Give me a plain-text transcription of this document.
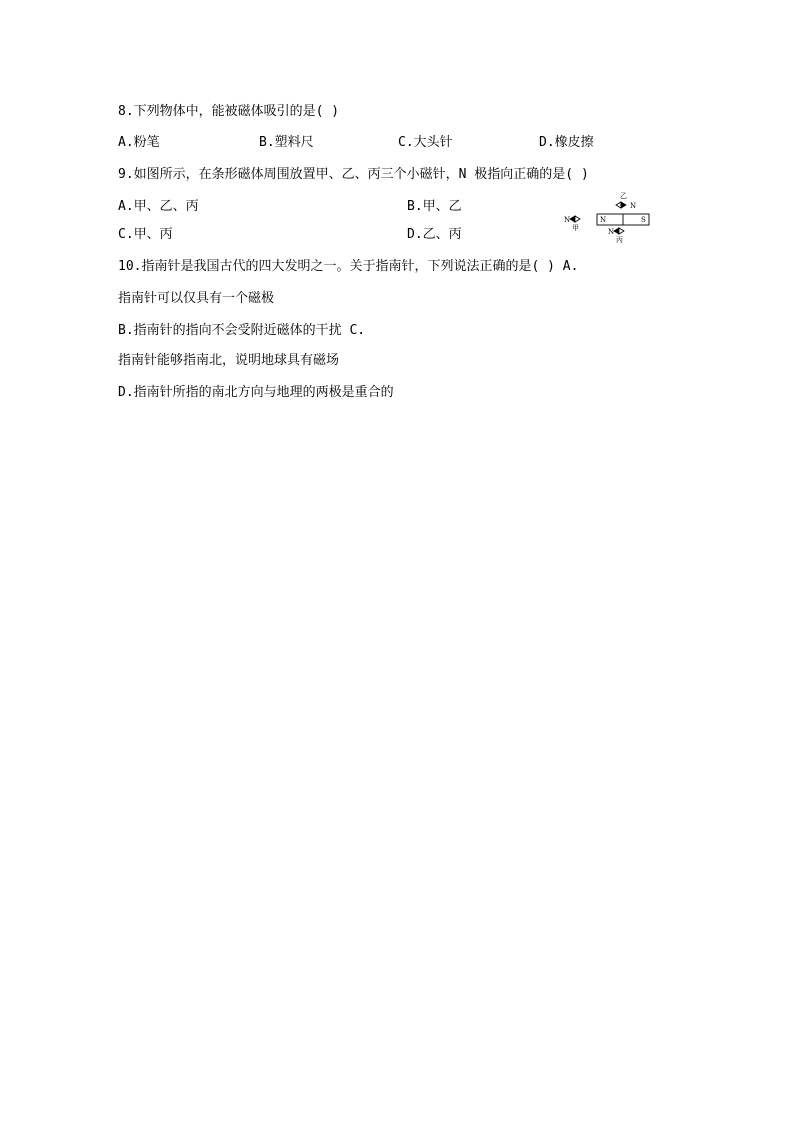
8.下列物体中，能被磁体吸引的是( )
A.粉笔	B.塑料尺	C.大头针	D.橡皮擦
9.如图所示，在条形磁体周围放置甲、乙、丙三个小磁针，N 极指向正确的是( )
A.甲、乙、丙	B.甲、乙
C.甲、丙	D.乙、丙
乙
N
N
甲
N	S
N
丙
10.指南针是我国古代的四大发明之一。关于指南针，下列说法正确的是( ) A.
指南针可以仅具有一个磁极
B.指南针的指向不会受附近磁体的干扰 C.
指南针能够指南北，说明地球具有磁场
D.指南针所指的南北方向与地理的两极是重合的
